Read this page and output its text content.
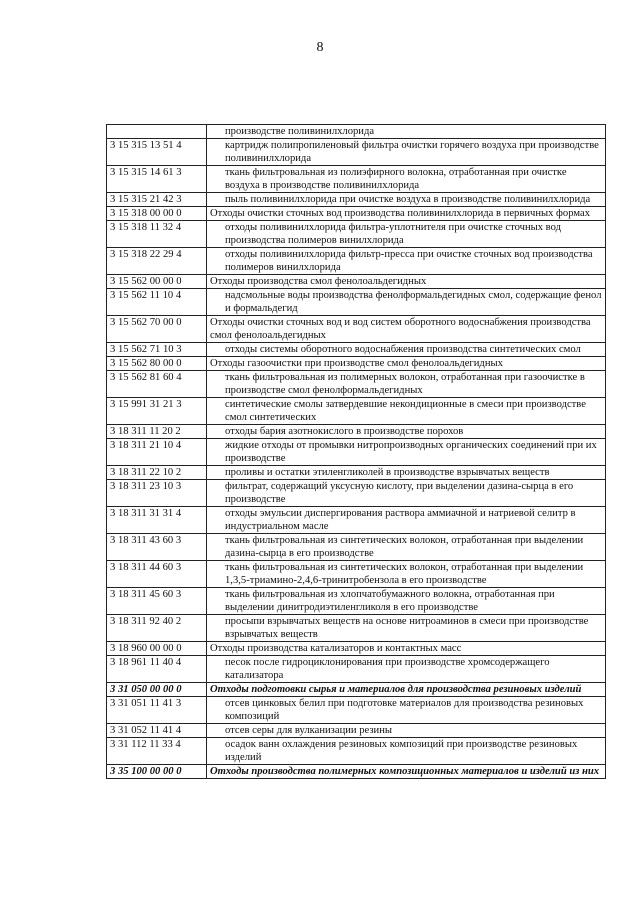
8
	производстве поливинилхлорида
3 15 315 13 51 4	картридж полипропиленовый фильтра очистки горячего воздуха при производстве поливинилхлорида
3 15 315 14 61 3	ткань фильтровальная из полиэфирного волокна, отработанная при очистке воздуха в производстве поливинилхлорида
3 15 315 21 42 3	пыль поливинилхлорида при очистке воздуха в производстве поливинилхлорида
3 15 318 00 00 0	Отходы очистки сточных вод производства поливинилхлорида в первичных формах
3 15 318 11 32 4	отходы поливинилхлорида фильтра-уплотнителя при очистке сточных вод производства полимеров винилхлорида
3 15 318 22 29 4	отходы поливинилхлорида фильтр-пресса при очистке сточных вод производства полимеров винилхлорида
3 15 562 00 00 0	Отходы производства смол фенолоальдегидных
3 15 562 11 10 4	надсмольные воды производства фенолформальдегидных смол, содержащие фенол и формальдегид
3 15 562 70 00 0	Отходы очистки сточных вод и вод систем оборотного водоснабжения производства смол фенолоальдегидных
3 15 562 71 10 3	отходы системы оборотного водоснабжения производства синтетических смол
3 15 562 80 00 0	Отходы газоочистки при производстве смол фенолоальдегидных
3 15 562 81 60 4	ткань фильтровальная из полимерных волокон, отработанная при газоочистке в производстве смол фенолформальдегидных
3 15 991 31 21 3	синтетические смолы затвердевшие некондиционные в смеси при производстве смол синтетических
3 18 311 11 20 2	отходы бария азотнокислого в производстве порохов
3 18 311 21 10 4	жидкие отходы от промывки нитропроизводных органических соединений при их производстве
3 18 311 22 10 2	проливы и остатки этиленгликолей в производстве взрывчатых веществ
3 18 311 23 10 3	фильтрат, содержащий уксусную кислоту, при выделении дазина-сырца в его производстве
3 18 311 31 31 4	отходы эмульсии диспергирования раствора аммиачной и натриевой селитр в индустриальном масле
3 18 311 43 60 3	ткань фильтровальная из синтетических волокон, отработанная при выделении дазина-сырца в его производстве
3 18 311 44 60 3	ткань фильтровальная из синтетических волокон, отработанная при выделении 1,3,5-триамино-2,4,6-тринитробензола в его производстве
3 18 311 45 60 3	ткань фильтровальная из хлопчатобумажного волокна, отработанная при выделении динитродиэтиленгликоля в его производстве
3 18 311 92 40 2	просыпи взрывчатых веществ на основе нитроаминов в смеси при производстве взрывчатых веществ
3 18 960 00 00 0	Отходы производства катализаторов и контактных масс
3 18 961 11 40 4	песок после гидроциклонирования при производстве хромсодержащего катализатора
3 31 050 00 00 0	Отходы подготовки сырья и материалов для производства резиновых изделий
3 31 051 11 41 3	отсев цинковых белил при подготовке материалов для производства резиновых композиций
3 31 052 11 41 4	отсев серы для вулканизации резины
3 31 112 11 33 4	осадок ванн охлаждения резиновых композиций при производстве резиновых изделий
3 35 100 00 00 0	Отходы производства полимерных композиционных материалов и изделий из них
